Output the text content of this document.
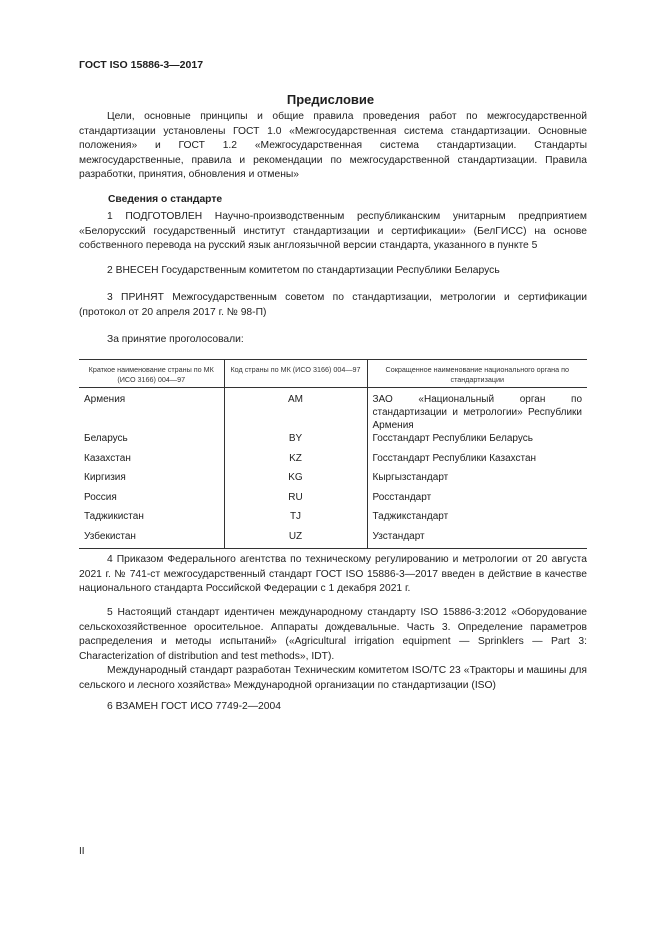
ГОСТ ISO 15886-3—2017
Предисловие

Цели, основные принципы и общие правила проведения работ по межгосударственной стандартизации установлены ГОСТ 1.0 «Межгосударственная система стандартизации. Основные положения» и ГОСТ 1.2 «Межгосударственная система стандартизации. Стандарты межгосударственные, правила и рекомендации по межгосударственной стандартизации. Правила разработки, принятия, обновления и отмены»

Сведения о стандарте

1 ПОДГОТОВЛЕН Научно-производственным республиканским унитарным предприятием «Белорусский государственный институт стандартизации и сертификации» (БелГИСС) на основе собственного перевода на русский язык англоязычной версии стандарта, указанного в пункте 5

2 ВНЕСЕН Государственным комитетом по стандартизации Республики Беларусь

3 ПРИНЯТ Межгосударственным советом по стандартизации, метрологии и сертификации (протокол от 20 апреля 2017 г. № 98-П)

За принятие проголосовали:

Краткое наименование страны по МК (ИСО 3166) 004—97	Код страны по МК (ИСО 3166) 004—97	Сокращенное наименование национального органа по стандартизации
Армения	AM	ЗАО «Национальный орган по стандартизации и метрологии» Республики Армения
Беларусь	BY	Госстандарт Республики Беларусь
Казахстан	KZ	Госстандарт Республики Казахстан
Киргизия	KG	Кыргызстандарт
Россия	RU	Росстандарт
Таджикистан	TJ	Таджикстандарт
Узбекистан	UZ	Узстандарт

4 Приказом Федерального агентства по техническому регулированию и метрологии от 20 августа 2021 г. № 741-ст межгосударственный стандарт ГОСТ ISO 15886-3—2017 введен в действие в качестве национального стандарта Российской Федерации с 1 декабря 2021 г.

5 Настоящий стандарт идентичен международному стандарту ISO 15886-3:2012 «Оборудование сельскохозяйственное оросительное. Аппараты дождевальные. Часть 3. Определение параметров распределения и методы испытаний» («Agricultural irrigation equipment — Sprinklers — Part 3: Characterization of distribution and test methods», IDT).

Международный стандарт разработан Техническим комитетом ISO/TC 23 «Тракторы и машины для сельского и лесного хозяйства» Международной организации по стандартизации (ISO)

6 ВЗАМЕН ГОСТ ИСО 7749-2—2004

II
